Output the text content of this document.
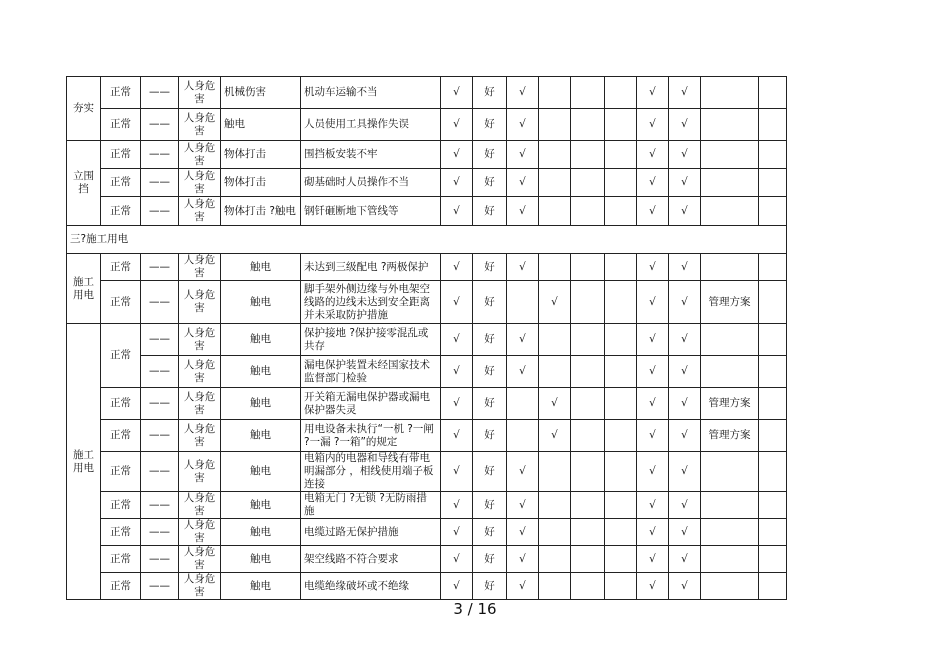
夯实	正常	——	人身危害	机械伤害	机动车运输不当	√	好	√				√	√		
	正常	——	人身危害	触电	人员使用工具操作失误	√	好	√				√	√		
立围挡	正常	——	人身危害	物体打击	围挡板安装不牢	√	好	√				√	√		
	正常	——	人身危害	物体打击	砌基础时人员操作不当	√	好	√				√	√		
	正常	——	人身危害	物体打击 ?触电	钢钎砸断地下管线等	√	好	√				√	√		
三?施工用电															
施工用电	正常	——	人身危害	触电	未达到三级配电 ?两极保护	√	好	√				√	√		
	正常	——	人身危害	触电	脚手架外侧边缘与外电架空线路的边线未达到安全距离并未采取防护措施	√	好		√			√	√	管理方案	
施工用电	正常	——	人身危害	触电	保护接地 ?保护接零混乱或共存	√	好	√				√	√		
		——	人身危害	触电	漏电保护装置未经国家技术监督部门检验	√	好	√				√	√		
	正常	——	人身危害	触电	开关箱无漏电保护器或漏电保护器失灵	√	好		√			√	√	管理方案	
	正常	——	人身危害	触电	用电设备未执行“一机 ?一闸 ?一漏 ?一箱”的规定	√	好		√			√	√	管理方案	
	正常	——	人身危害	触电	电箱内的电器和导线有带电明漏部分 ，相线使用端子板连接	√	好	√				√	√		
	正常	——	人身危害	触电	电箱无门 ?无锁 ?无防雨措施	√	好	√				√	√		
	正常	——	人身危害	触电	电缆过路无保护措施	√	好	√				√	√		
	正常	——	人身危害	触电	架空线路不符合要求	√	好	√				√	√		
	正常	——	人身危害	触电	电缆绝缘破坏或不绝缘	√	好	√				√	√		
3 / 16
